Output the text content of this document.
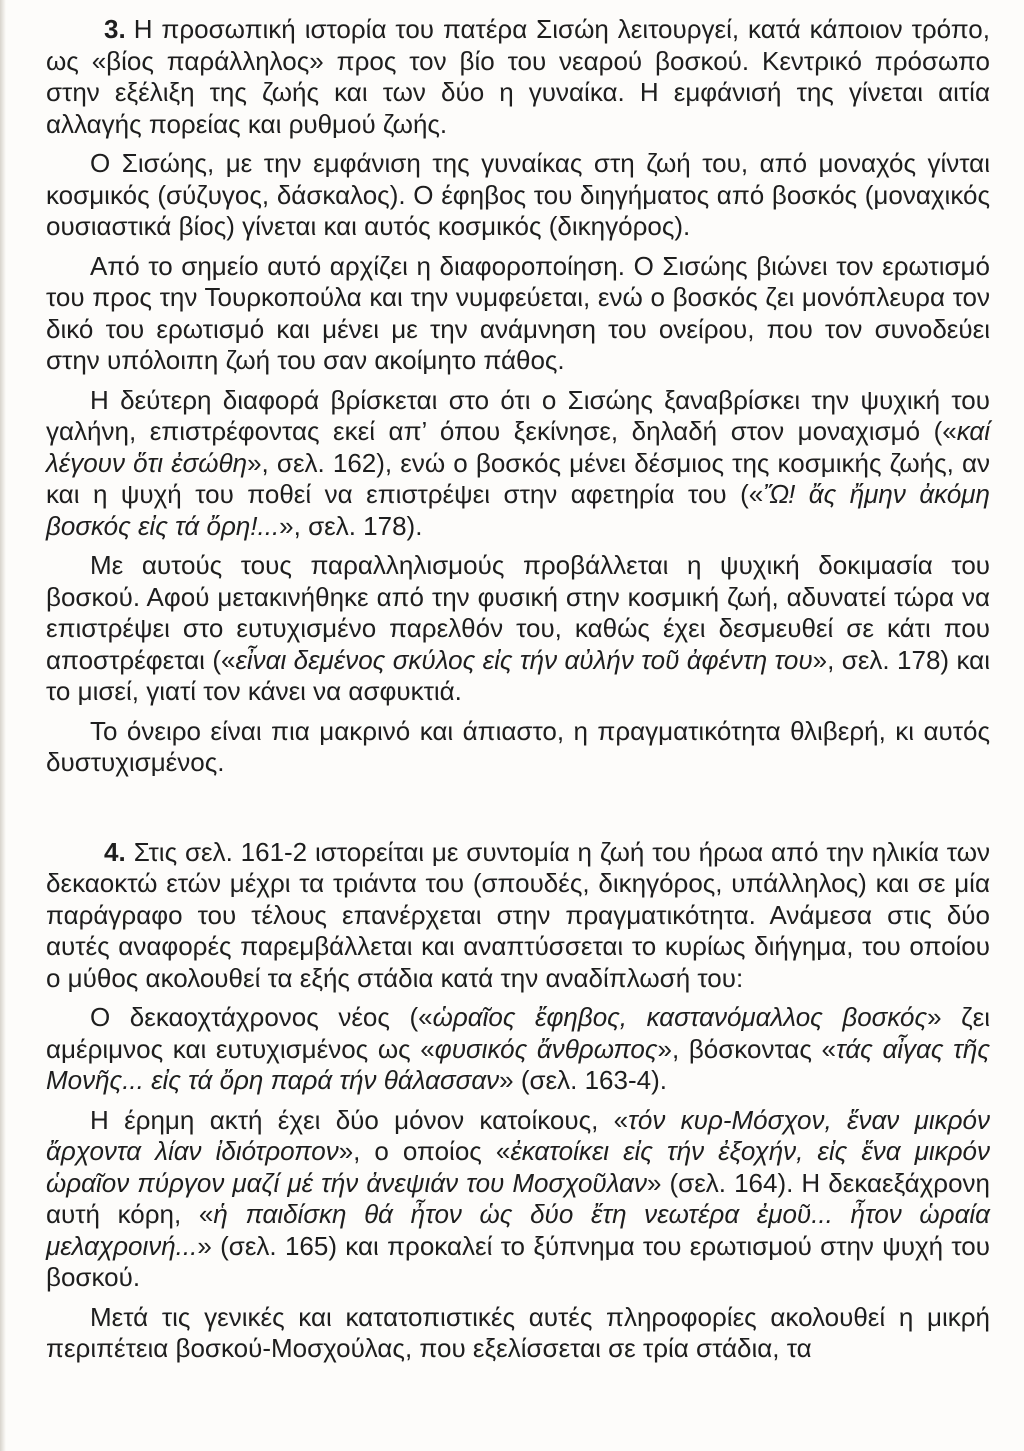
3. Η προσωπική ιστορία του πατέρα Σισώη λειτουργεί, κατά κάποιον τρόπο, ως «βίος παράλληλος» προς τον βίο του νεαρού βοσκού. Κεντρικό πρόσωπο στην εξέλιξη της ζωής και των δύο η γυναίκα. Η εμφάνισή της γίνεται αιτία αλλαγής πορείας και ρυθμού ζωής.

Ο Σισώης, με την εμφάνιση της γυναίκας στη ζωή του, από μοναχός γίνται κοσμικός (σύζυγος, δάσκαλος). Ο έφηβος του διηγήματος από βοσκός (μοναχικός ουσιαστικά βίος) γίνεται και αυτός κοσμικός (δικηγόρος).

Από το σημείο αυτό αρχίζει η διαφοροποίηση. Ο Σισώης βιώνει τον ερωτισμό του προς την Τουρκοπούλα και την νυμφεύεται, ενώ ο βοσκός ζει μονόπλευρα τον δικό του ερωτισμό και μένει με την ανάμνηση του ονείρου, που τον συνοδεύει στην υπόλοιπη ζωή του σαν ακοίμητο πάθος.

Η δεύτερη διαφορά βρίσκεται στο ότι ο Σισώης ξαναβρίσκει την ψυχική του γαλήνη, επιστρέφοντας εκεί απ’ όπου ξεκίνησε, δηλαδή στον μοναχισμό («καί λέγουν ὅτι ἐσώθη», σελ. 162), ενώ ο βοσκός μένει δέσμιος της κοσμικής ζωής, αν και η ψυχή του ποθεί να επιστρέψει στην αφετηρία του («Ὤ! ἄς ἤμην ἀκόμη βοσκός εἰς τά ὄρη!...», σελ. 178).

Με αυτούς τους παραλληλισμούς προβάλλεται η ψυχική δοκιμασία του βοσκού. Αφού μετακινήθηκε από την φυσική στην κοσμική ζωή, αδυνατεί τώρα να επιστρέψει στο ευτυχισμένο παρελθόν του, καθώς έχει δεσμευθεί σε κάτι που αποστρέφεται («εἶναι δεμένος σκύλος εἰς τήν αὐλήν τοῦ ἀφέντη του», σελ. 178) και το μισεί, γιατί τον κάνει να ασφυκτιά.

Το όνειρο είναι πια μακρινό και άπιαστο, η πραγματικότητα θλιβερή, κι αυτός δυστυχισμένος.

4. Στις σελ. 161-2 ιστορείται με συντομία η ζωή του ήρωα από την ηλικία των δεκαοκτώ ετών μέχρι τα τριάντα του (σπουδές, δικηγόρος, υπάλληλος) και σε μία παράγραφο του τέλους επανέρχεται στην πραγματικότητα. Ανάμεσα στις δύο αυτές αναφορές παρεμβάλλεται και αναπτύσσεται το κυρίως διήγημα, του οποίου ο μύθος ακολουθεί τα εξής στάδια κατά την αναδίπλωσή του:

Ο δεκαοχτάχρονος νέος («ὡραῖος ἔφηβος, καστανόμαλλος βοσκός» ζει αμέριμνος και ευτυχισμένος ως «φυσικός ἄνθρωπος», βόσκοντας «τάς αἶγας τῆς Μονῆς... εἰς τά ὄρη παρά τήν θάλασσαν» (σελ. 163-4).

Η έρημη ακτή έχει δύο μόνον κατοίκους, «τόν κυρ-Μόσχον, ἕναν μικρόν ἄρχοντα λίαν ἰδιότροπον», ο οποίος «ἐκατοίκει εἰς τήν ἐξοχήν, εἰς ἕνα μικρόν ὡραῖον πύργον μαζί μέ τήν ἀνεψιάν του Μοσχοῦλαν» (σελ. 164). Η δεκαεξάχρονη αυτή κόρη, «ἡ παιδίσκη θά ἦτον ὡς δύο ἔτη νεωτέρα ἐμοῦ... ἦτον ὡραία μελαχροινή...» (σελ. 165) και προκαλεί το ξύπνημα του ερωτισμού στην ψυχή του βοσκού.

Μετά τις γενικές και κατατοπιστικές αυτές πληροφορίες ακολουθεί η μικρή περιπέτεια βοσκού-Μοσχούλας, που εξελίσσεται σε τρία στάδια, τα
